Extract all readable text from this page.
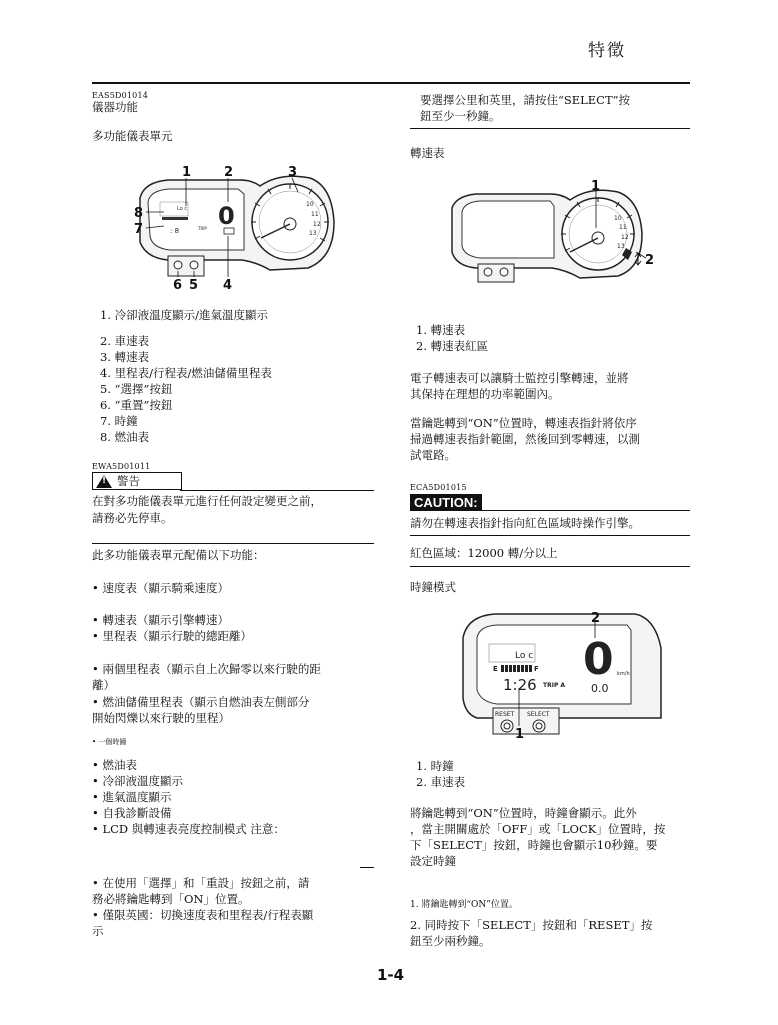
特徵
EAS5D01014
儀器功能
多功能儀表單元
Lo c
: 8	TRIP 0	10
11
12
13
1	2	3
8
7
6 5 4
1. 冷卻液溫度顯示/進氣溫度顯示
2. 車速表
3. 轉速表
4. 里程表/行程表/燃油儲備里程表
5. “選擇”按鈕
6. “重置”按鈕
7. 時鐘
8. 燃油表
EWA5D01011
! 警告
在對多功能儀表單元進行任何設定變更之前，
請務必先停車。
此多功能儀表單元配備以下功能：
• 速度表（顯示騎乘速度）
• 轉速表（顯示引擎轉速）
• 里程表（顯示行駛的總距離）
• 兩個里程表（顯示自上次歸零以來行駛的距
離）
• 燃油儲備里程表（顯示自燃油表左側部分
開始閃爍以來行駛的里程）
• 一個時鐘
• 燃油表
• 冷卻液溫度顯示
• 進氣溫度顯示
• 自我診斷設備
• LCD 與轉速表亮度控制模式 注意：
• 在使用「選擇」和「重設」按鈕之前，請
務必將鑰匙轉到「ON」位置。
• 僅限英國：切換速度表和里程表/行程表顯
示
要選擇公里和英里，請按住“SELECT”按
鈕至少一秒鐘。
轉速表
10
11
12
13
1
2
1. 轉速表
2. 轉速表紅區
電子轉速表可以讓騎士監控引擎轉速，並將
其保持在理想的功率範圍內。
當鑰匙轉到“ON”位置時，轉速表指針將依序
掃過轉速表指針範圍，然後回到零轉速，以測
試電路。
ECA5D01015
CAUTION:
請勿在轉速表指針指向紅色區域時操作引擎。
紅色區域：12000 轉/分以上
時鐘模式
Lo c
E	F
1:26 TRIP A
0 km/h
0.0
RESET SELECT
2
1
1. 時鐘
2. 車速表
將鑰匙轉到“ON”位置時，時鐘會顯示。此外
，當主開關處於「OFF」或「LOCK」位置時，按
下「SELECT」按鈕，時鐘也會顯示10秒鐘。要
設定時鐘
1. 將鑰匙轉到“ON”位置。
2. 同時按下「SELECT」按鈕和「RESET」按
鈕至少兩秒鐘。
1-4
